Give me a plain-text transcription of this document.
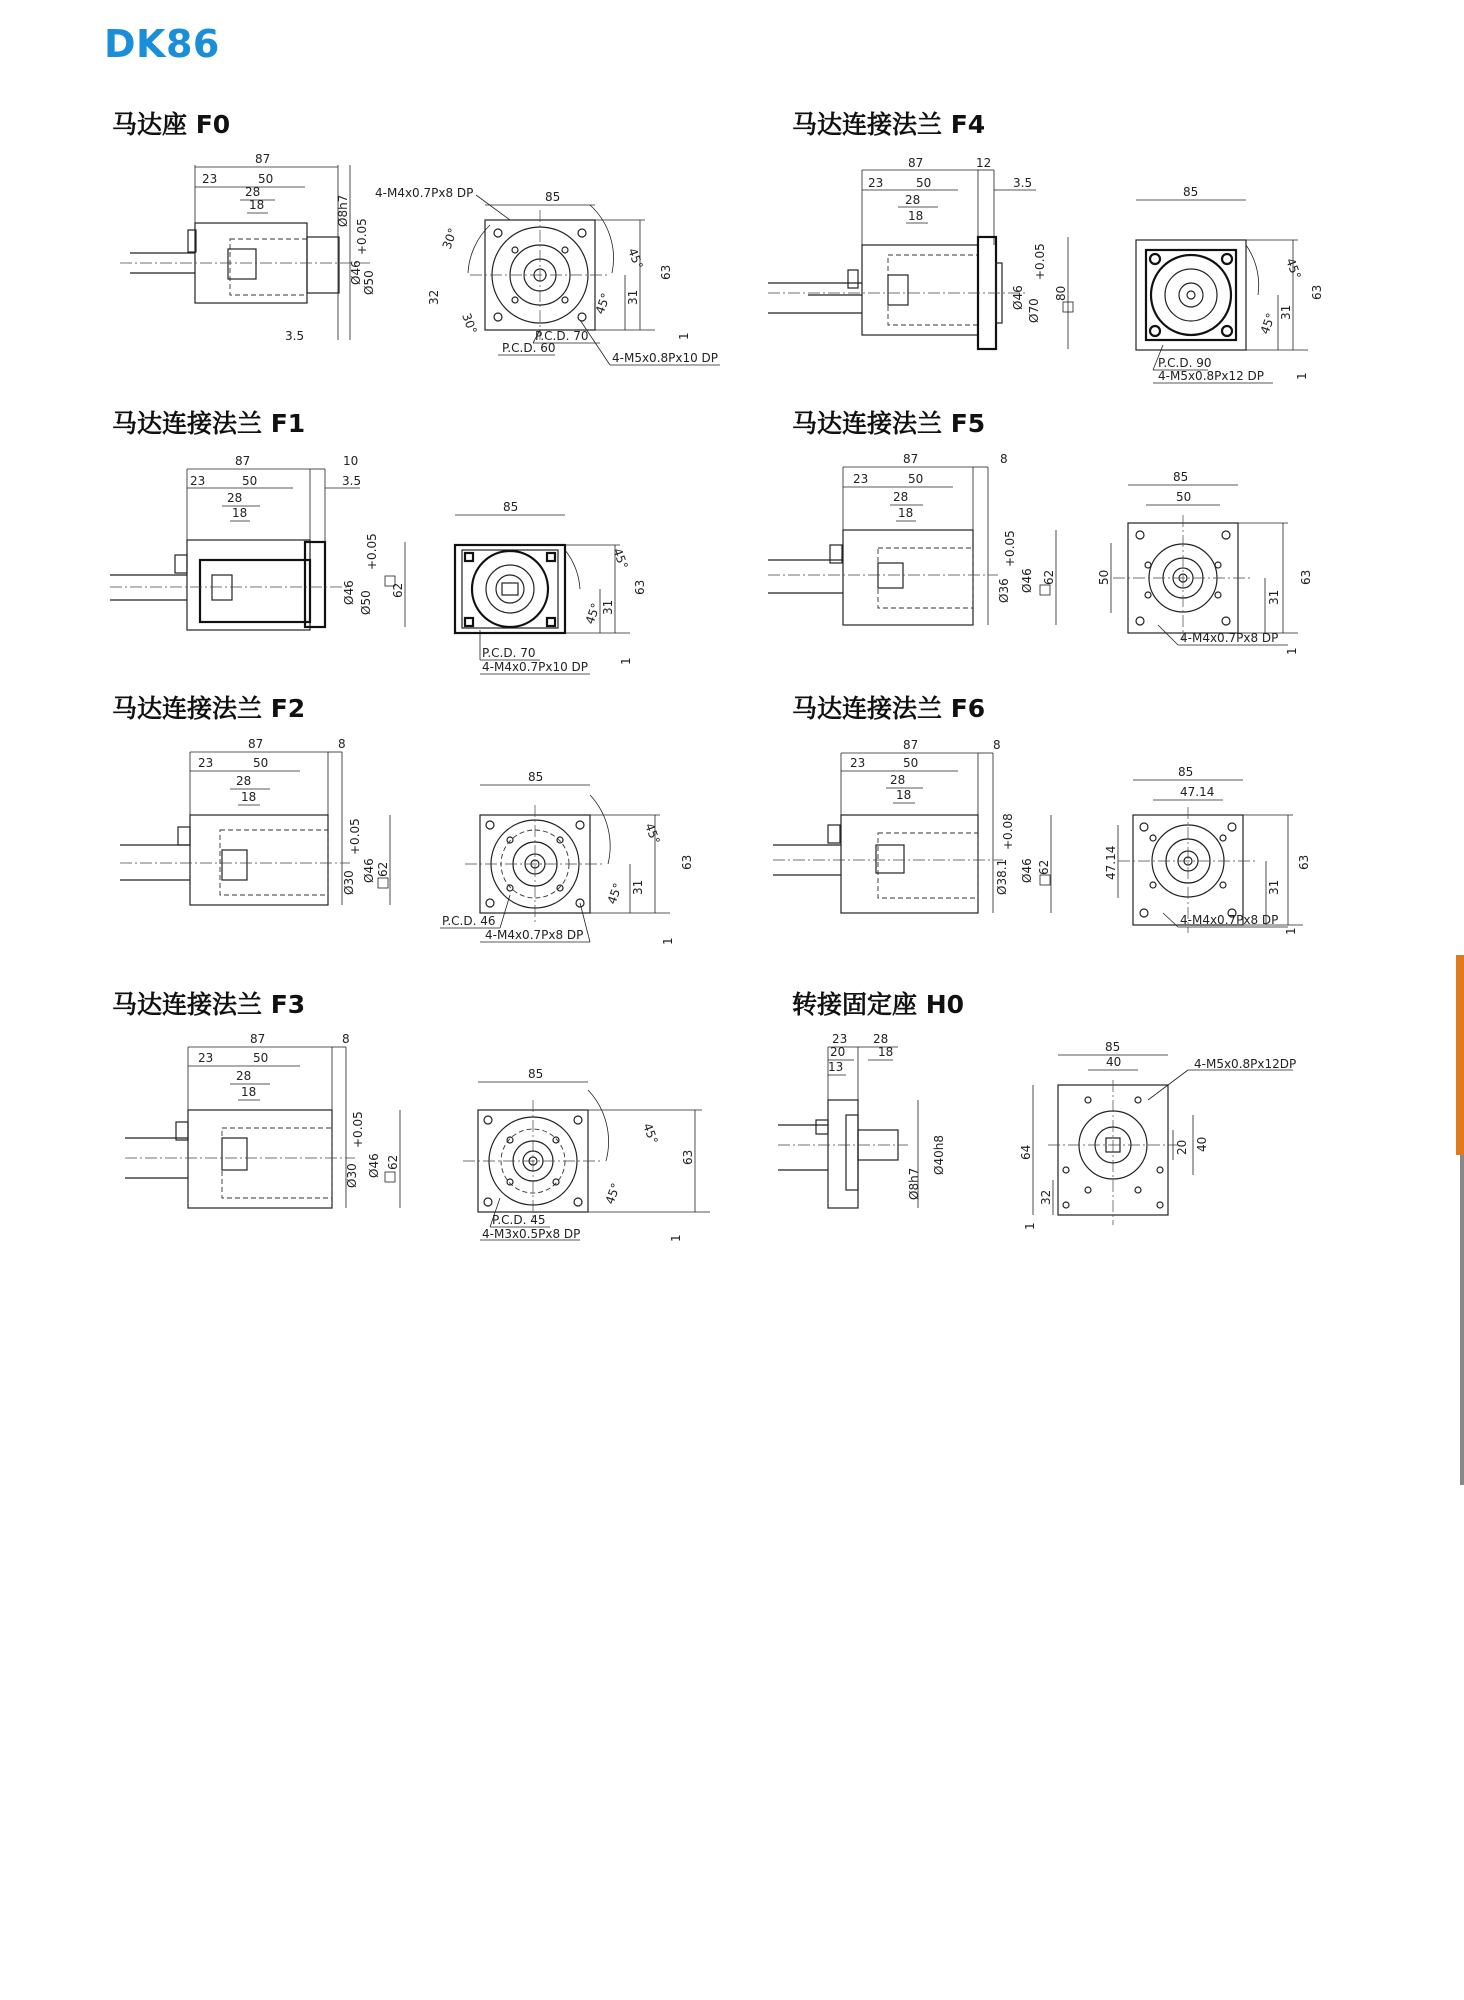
DK86
马达座 F0	马达连接法兰 F4
马达连接法兰 F1	马达连接法兰 F5
马达连接法兰 F2	马达连接法兰 F6
马达连接法兰 F3	转接固定座 H0
87
23	50
28
18
3.5
Ø8h7
Ø46 Ø50
+0.05
4-M4x0.7Px8 DP	85
30°
30°
32
45°
45°
63
31
1
P.C.D. 70
P.C.D. 60
4-M5x0.8Px10 DP
87	12
23	50	3.5
28
18
Ø46
Ø70
+0.05
80
85
45°
45° 31
63
1
P.C.D. 90
4-M5x0.8Px12 DP
87	10
23	50	3.5
28
18
Ø46 Ø50
+0.05
62
85
45°
45°
31
63
1
P.C.D. 70
4-M4x0.7Px10 DP
87	8
23	50
28
18
Ø36
+0.05
Ø46 62
85
50
50
31
63
1
4-M4x0.7Px8 DP
87	8
23	50
28
18
Ø30
+0.05
Ø46 62
85
45°
45° 31
63
1
P.C.D. 46
4-M4x0.7Px8 DP
87	8
23	50
28
18
Ø38.1
+0.08
Ø46 62
85
47.14
47.14
31
63
1
4-M4x0.7Px8 DP
87	8
23	50
28
18
Ø30
+0.05
Ø46 62
85
45°
45°
63
1
P.C.D. 45
4-M3x0.5Px8 DP
23
20
13
28
18
Ø40h8
Ø8h7
85
40	4-M5x0.8Px12DP
64
32
1
20 40
